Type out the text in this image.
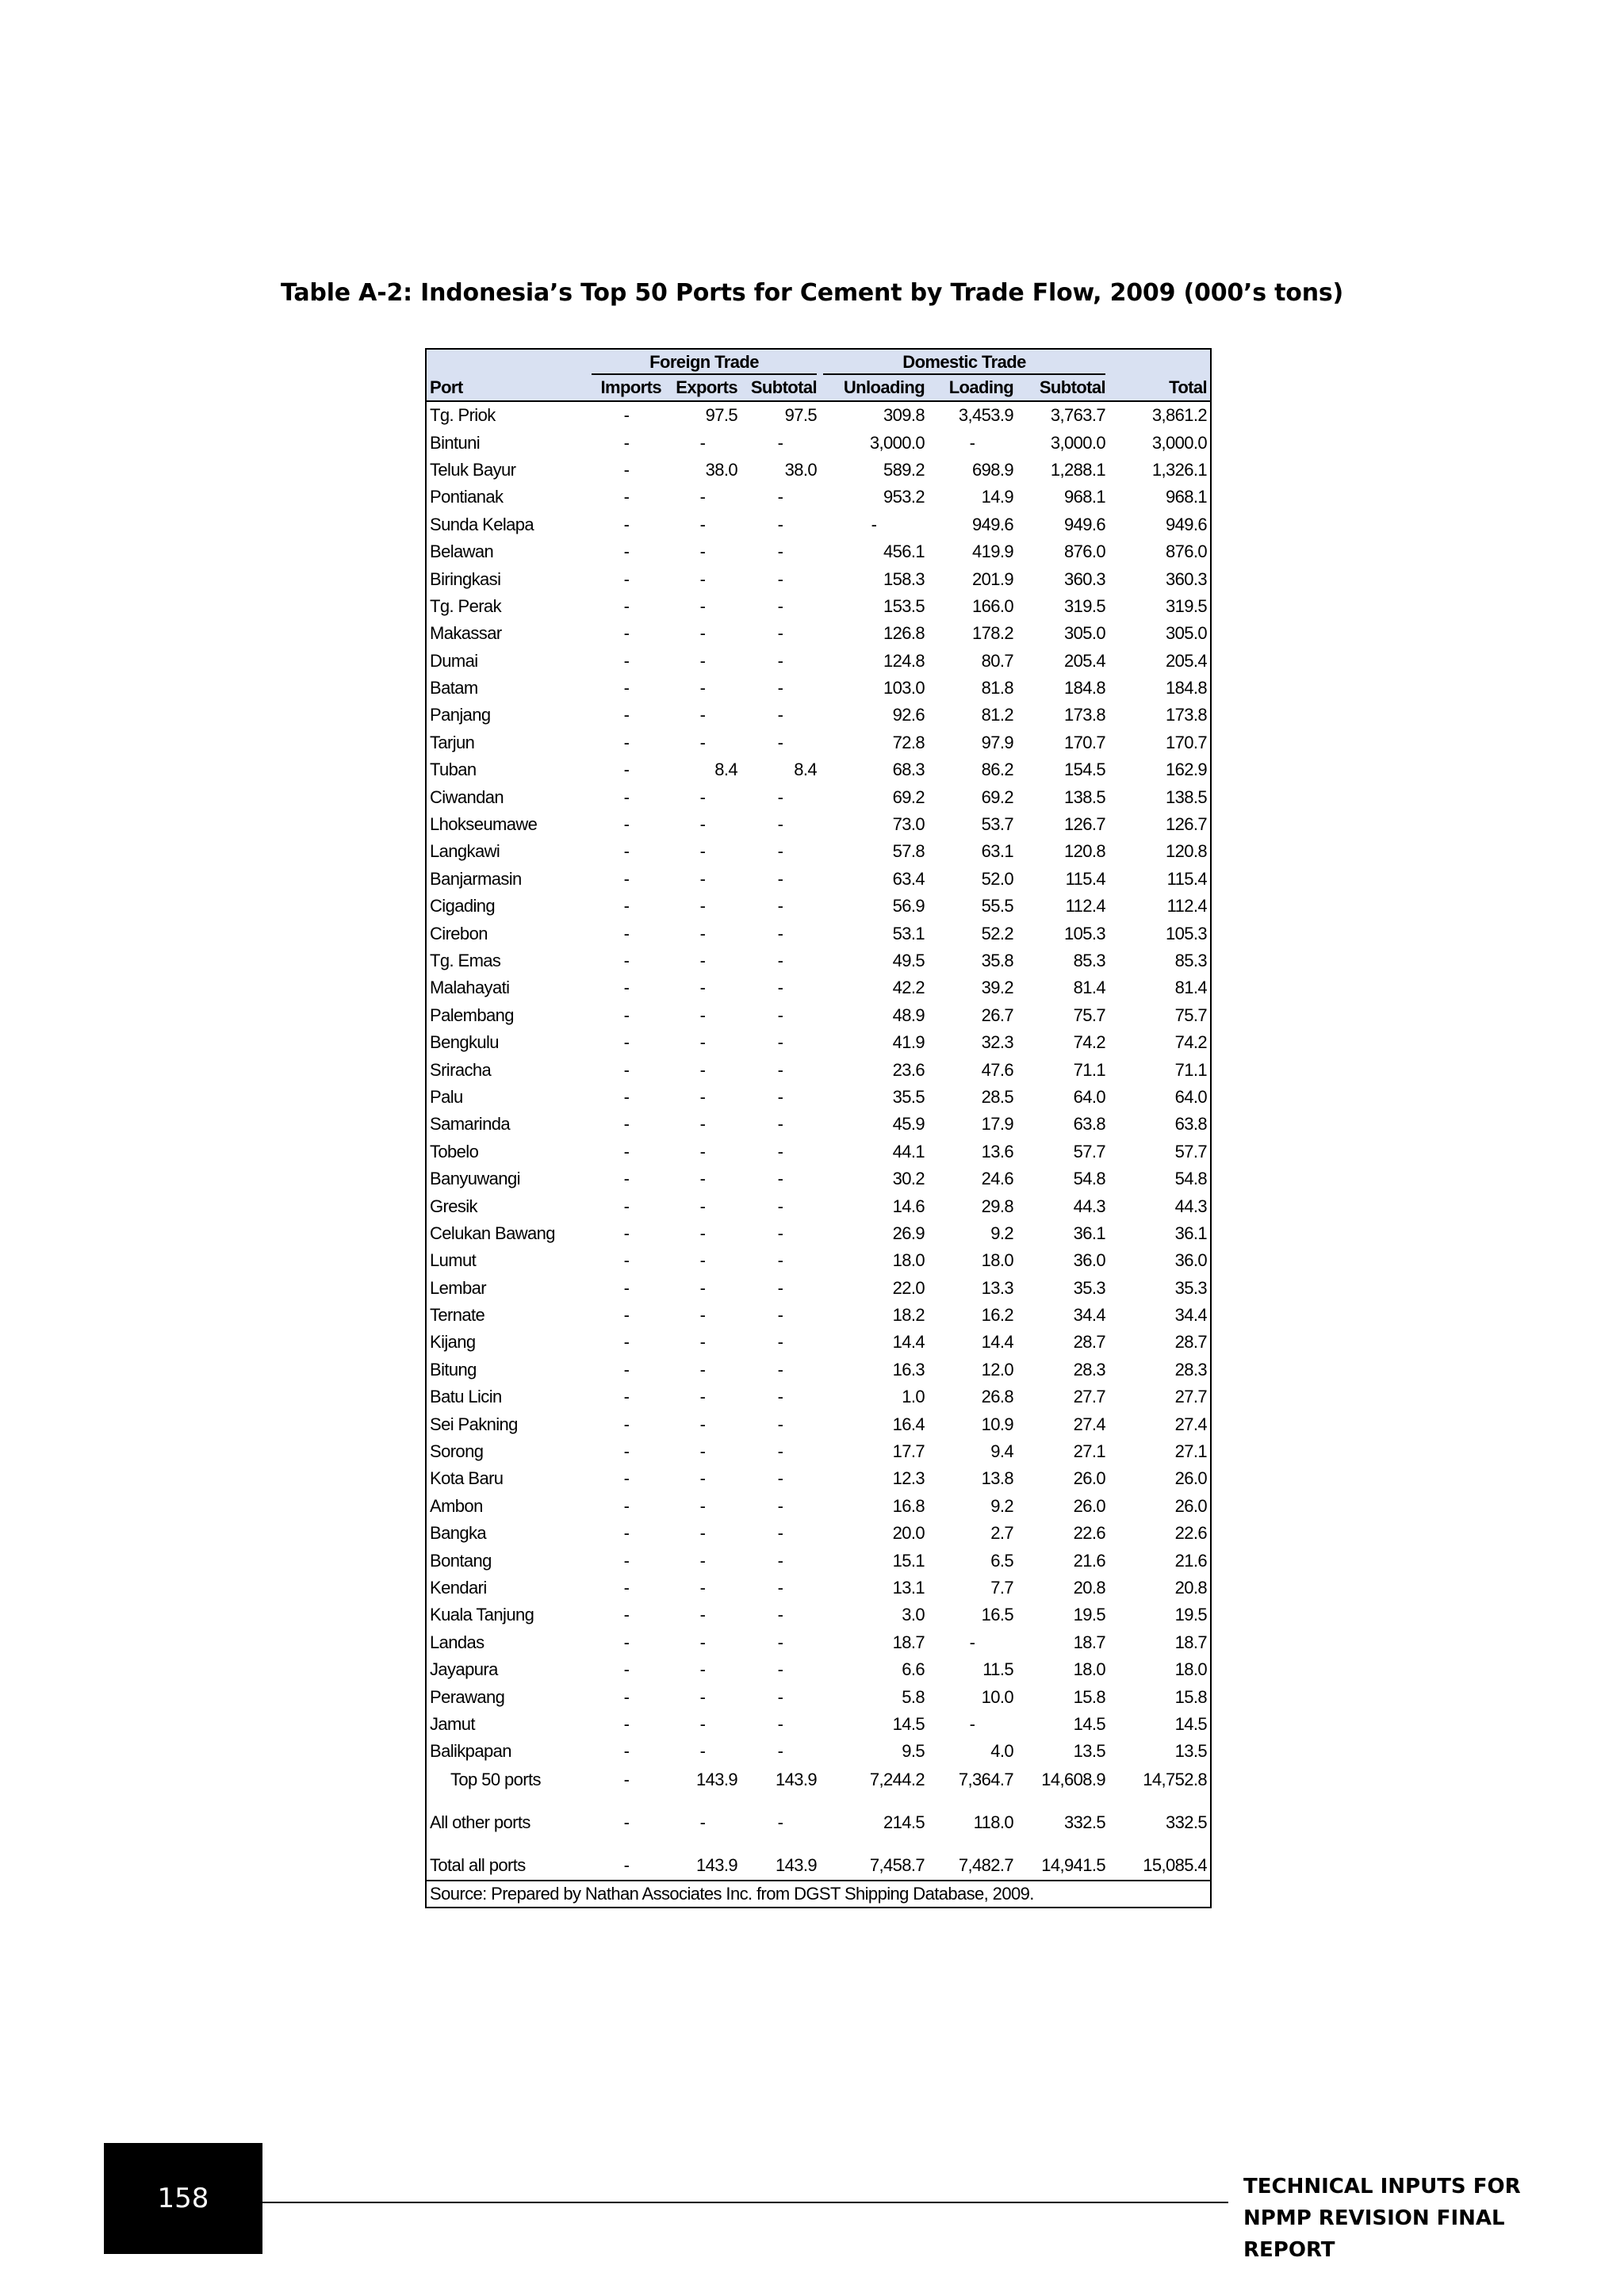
Table A-2: Indonesia’s Top 50 Ports for Cement by Trade Flow, 2009 (000’s tons)
	Foreign Trade			Domestic Trade			
Port	Imports	Exports	Subtotal	Unloading	Loading	Subtotal	Total
Tg. Priok	-	97.5	97.5	309.8	3,453.9	3,763.7	3,861.2
Bintuni	-	-	-	3,000.0	-	3,000.0	3,000.0
Teluk Bayur	-	38.0	38.0	589.2	698.9	1,288.1	1,326.1
Pontianak	-	-	-	953.2	14.9	968.1	968.1
Sunda Kelapa	-	-	-	-	949.6	949.6	949.6
Belawan	-	-	-	456.1	419.9	876.0	876.0
Biringkasi	-	-	-	158.3	201.9	360.3	360.3
Tg. Perak	-	-	-	153.5	166.0	319.5	319.5
Makassar	-	-	-	126.8	178.2	305.0	305.0
Dumai	-	-	-	124.8	80.7	205.4	205.4
Batam	-	-	-	103.0	81.8	184.8	184.8
Panjang	-	-	-	92.6	81.2	173.8	173.8
Tarjun	-	-	-	72.8	97.9	170.7	170.7
Tuban	-	8.4	8.4	68.3	86.2	154.5	162.9
Ciwandan	-	-	-	69.2	69.2	138.5	138.5
Lhokseumawe	-	-	-	73.0	53.7	126.7	126.7
Langkawi	-	-	-	57.8	63.1	120.8	120.8
Banjarmasin	-	-	-	63.4	52.0	115.4	115.4
Cigading	-	-	-	56.9	55.5	112.4	112.4
Cirebon	-	-	-	53.1	52.2	105.3	105.3
Tg. Emas	-	-	-	49.5	35.8	85.3	85.3
Malahayati	-	-	-	42.2	39.2	81.4	81.4
Palembang	-	-	-	48.9	26.7	75.7	75.7
Bengkulu	-	-	-	41.9	32.3	74.2	74.2
Sriracha	-	-	-	23.6	47.6	71.1	71.1
Palu	-	-	-	35.5	28.5	64.0	64.0
Samarinda	-	-	-	45.9	17.9	63.8	63.8
Tobelo	-	-	-	44.1	13.6	57.7	57.7
Banyuwangi	-	-	-	30.2	24.6	54.8	54.8
Gresik	-	-	-	14.6	29.8	44.3	44.3
Celukan Bawang	-	-	-	26.9	9.2	36.1	36.1
Lumut	-	-	-	18.0	18.0	36.0	36.0
Lembar	-	-	-	22.0	13.3	35.3	35.3
Ternate	-	-	-	18.2	16.2	34.4	34.4
Kijang	-	-	-	14.4	14.4	28.7	28.7
Bitung	-	-	-	16.3	12.0	28.3	28.3
Batu Licin	-	-	-	1.0	26.8	27.7	27.7
Sei Pakning	-	-	-	16.4	10.9	27.4	27.4
Sorong	-	-	-	17.7	9.4	27.1	27.1
Kota Baru	-	-	-	12.3	13.8	26.0	26.0
Ambon	-	-	-	16.8	9.2	26.0	26.0
Bangka	-	-	-	20.0	2.7	22.6	22.6
Bontang	-	-	-	15.1	6.5	21.6	21.6
Kendari	-	-	-	13.1	7.7	20.8	20.8
Kuala Tanjung	-	-	-	3.0	16.5	19.5	19.5
Landas	-	-	-	18.7	-	18.7	18.7
Jayapura	-	-	-	6.6	11.5	18.0	18.0
Perawang	-	-	-	5.8	10.0	15.8	15.8
Jamut	-	-	-	14.5	-	14.5	14.5
Balikpapan	-	-	-	9.5	4.0	13.5	13.5
Top 50 ports	-	143.9	143.9	7,244.2	7,364.7	14,608.9	14,752.8

All other ports	-	-	-	214.5	118.0	332.5	332.5

Total all ports	-	143.9	143.9	7,458.7	7,482.7	14,941.5	15,085.4
Source: Prepared by Nathan Associates Inc. from DGST Shipping Database, 2009.							
158	TECHNICAL INPUTS FOR
NPMP REVISION FINAL REPORT
